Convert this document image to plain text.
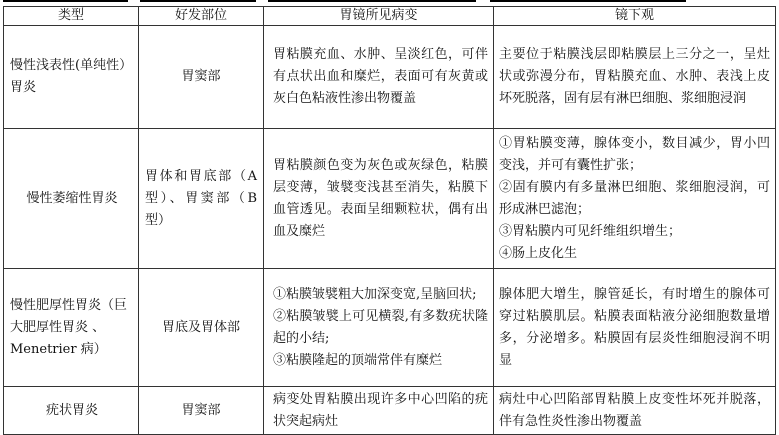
类型	好发部位	胃镜所见病变	镜下观

慢性浅表性(单纯性）胃炎	胃窦部	胃粘膜充血、水肿、呈淡红色，可伴有点状出血和糜烂，表面可有灰黄或灰白色粘液性渗出物覆盖	主要位于粘膜浅层即粘膜层上三分之一，呈灶状或弥漫分布，胃粘膜充血、水肿、表浅上皮坏死脱落，固有层有淋巴细胞、浆细胞浸润
慢性萎缩性胃炎	胃体和胃底部（A 型）、胃窦部（B 型）	胃粘膜颜色变为灰色或灰绿色，粘膜层变薄，皱襞变浅甚至消失，粘膜下血管透见。表面呈细颗粒状，偶有出血及糜烂	①胃粘膜变薄，腺体变小，数目减少，胃小凹变浅，并可有囊性扩张；
②固有膜内有多量淋巴细胞、浆细胞浸润，可形成淋巴滤泡；
③胃粘膜内可见纤维组织增生；
④肠上皮化生

慢性肥厚性胃炎（巨大肥厚性胃炎 、 Menetrier 病）	胃底及胃体部	①粘膜皱襞粗大加深变宽,呈脑回状;
②粘膜皱襞上可见横裂,有多数疣状隆起的小结;
③粘膜隆起的顶端常伴有糜烂	腺体肥大增生，腺管延长，有时增生的腺体可穿过粘膜肌层。粘膜表面粘液分泌细胞数量增多，分泌增多。粘膜固有层炎性细胞浸润不明显
疣状胃炎	胃窦部	病变处胃粘膜出现许多中心凹陷的疣状突起病灶	病灶中心凹陷部胃粘膜上皮变性坏死并脱落，伴有急性炎性渗出物覆盖
